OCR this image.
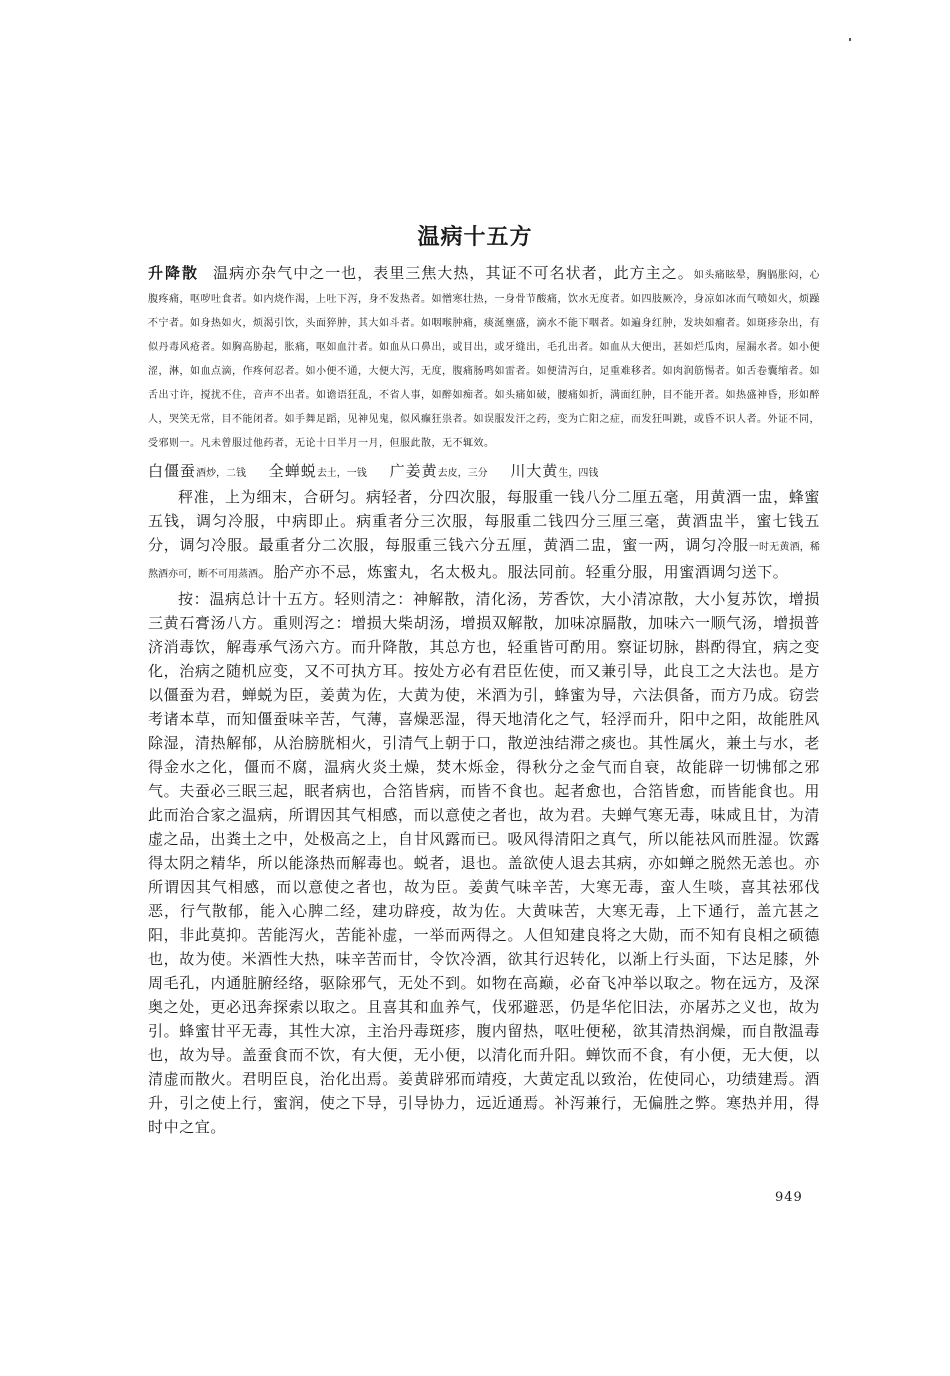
温病十五方

升降散 温病亦杂气中之一也，表里三焦大热，其证不可名状者，此方主之。如头痛眩晕，胸膈胀闷，心腹疼痛，呕哕吐食者。如内烧作渴，上吐下泻，身不发热者。如憎寒壮热，一身骨节酸痛，饮水无度者。如四肢厥冷，身凉如冰而气喷如火，烦躁不宁者。如身热如火，烦渴引饮，头面猝肿，其大如斗者。如咽喉肿痛，痰涎壅盛，滴水不能下咽者。如遍身红肿，发块如瘤者。如斑疹杂出，有似丹毒风疮者。如胸高胁起，胀痛，呕如血汁者。如血从口鼻出，或目出，或牙缝出，毛孔出者。如血从大便出，甚如烂瓜肉，屋漏水者。如小便涩，淋，如血点滴，作疼何忍者。如小便不通，大便大泻，无度，腹痛肠鸣如雷者。如便清泻白，足重难移者。如肉润筋惕者。如舌卷囊缩者。如舌出寸许，搅扰不住，音声不出者。如谵语狂乱，不省人事，如醉如痴者。如头痛如破，腰痛如折，满面红肿，目不能开者。如热盛神昏，形如醉人，哭笑无常，目不能闭者。如手舞足蹈，见神见鬼，似风癫狂祟者。如误服发汗之药，变为亡阳之症，而发狂叫跳，或昏不识人者。外证不同，受邪则一。凡未曾服过他药者，无论十日半月一月，但服此散，无不辄效。

白僵蚕酒炒，二钱 全蝉蜕去土，一钱 广姜黄去皮，三分 川大黄生，四钱

秤准，上为细末，合研匀。病轻者，分四次服，每服重一钱八分二厘五毫，用黄酒一盅，蜂蜜五钱，调匀冷服，中病即止。病重者分三次服，每服重二钱四分三厘三毫，黄酒盅半，蜜七钱五分，调匀冷服。最重者分二次服，每服重三钱六分五厘，黄酒二盅，蜜一两，调匀冷服一时无黄酒，稀熬酒亦可，断不可用蒸酒。胎产亦不忌，炼蜜丸，名太极丸。服法同前。轻重分服，用蜜酒调匀送下。

按：温病总计十五方。轻则清之：神解散，清化汤，芳香饮，大小清凉散，大小复苏饮，增损三黄石膏汤八方。重则泻之：增损大柴胡汤，增损双解散，加味凉膈散，加味六一顺气汤，增损普济消毒饮，解毒承气汤六方。而升降散，其总方也，轻重皆可酌用。察证切脉，斟酌得宜，病之变化，治病之随机应变，又不可执方耳。按处方必有君臣佐使，而又兼引导，此良工之大法也。是方以僵蚕为君，蝉蜕为臣，姜黄为佐，大黄为使，米酒为引，蜂蜜为导，六法俱备，而方乃成。窃尝考诸本草，而知僵蚕味辛苦，气薄，喜燥恶湿，得天地清化之气，轻浮而升，阳中之阳，故能胜风除湿，清热解郁，从治膀胱相火，引清气上朝于口，散逆浊结滞之痰也。其性属火，兼土与水，老得金水之化，僵而不腐，温病火炎土燥，焚木烁金，得秋分之金气而自衰，故能辟一切怫郁之邪气。夫蚕必三眠三起，眠者病也，合箔皆病，而皆不食也。起者愈也，合箔皆愈，而皆能食也。用此而治合家之温病，所谓因其气相感，而以意使之者也，故为君。夫蝉气寒无毒，味咸且甘，为清虚之品，出粪土之中，处极高之上，自甘风露而已。吸风得清阳之真气，所以能祛风而胜湿。饮露得太阴之精华，所以能涤热而解毒也。蜕者，退也。盖欲使人退去其病，亦如蝉之脱然无恙也。亦所谓因其气相感，而以意使之者也，故为臣。姜黄气味辛苦，大寒无毒，蛮人生啖，喜其祛邪伐恶，行气散郁，能入心脾二经，建功辟疫，故为佐。大黄味苦，大寒无毒，上下通行，盖亢甚之阳，非此莫抑。苦能泻火，苦能补虚，一举而两得之。人但知建良将之大勋，而不知有良相之硕德也，故为使。米酒性大热，味辛苦而甘，令饮冷酒，欲其行迟转化，以渐上行头面，下达足膝，外周毛孔，内通脏腑经络，驱除邪气，无处不到。如物在高巅，必奋飞冲举以取之。物在远方，及深奥之处，更必迅奔探索以取之。且喜其和血养气，伐邪避恶，仍是华佗旧法，亦屠苏之义也，故为引。蜂蜜甘平无毒，其性大凉，主治丹毒斑疹，腹内留热，呕吐便秘，欲其清热润燥，而自散温毒也，故为导。盖蚕食而不饮，有大便，无小便，以清化而升阳。蝉饮而不食，有小便，无大便，以清虚而散火。君明臣良，治化出焉。姜黄辟邪而靖疫，大黄定乱以致治，佐使同心，功绩建焉。酒升，引之使上行，蜜润，使之下导，引导协力，远近通焉。补泻兼行，无偏胜之弊。寒热并用，得时中之宜。

949
